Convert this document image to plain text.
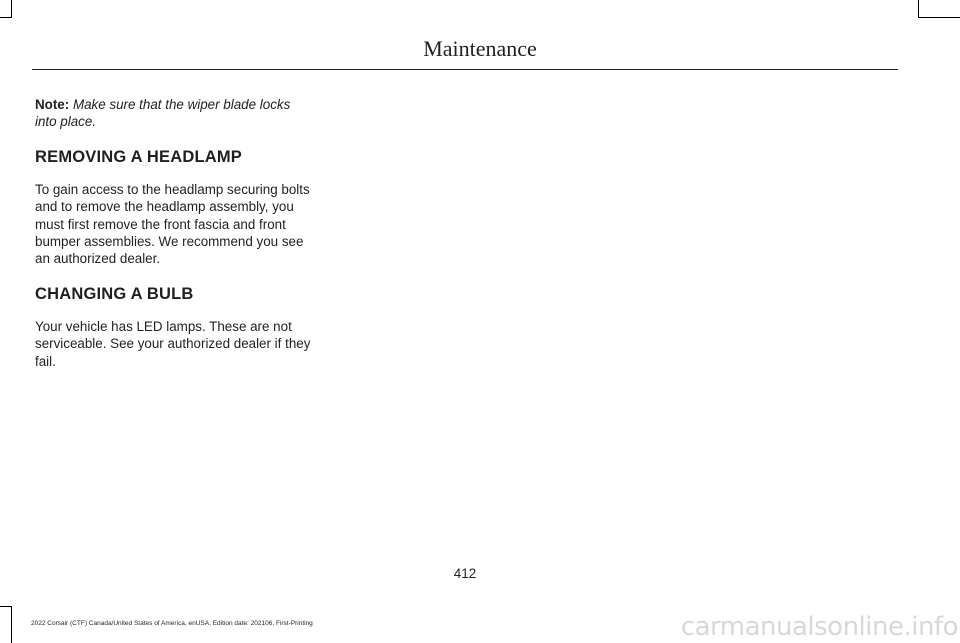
Maintenance

Note: Make sure that the wiper blade locks into place.

REMOVING A HEADLAMP

To gain access to the headlamp securing bolts and to remove the headlamp assembly, you must first remove the front fascia and front bumper assemblies. We recommend you see an authorized dealer.

CHANGING A BULB

Your vehicle has LED lamps. These are not serviceable. See your authorized dealer if they fail.

412
2022 Corsair (CTF) Canada/United States of America, enUSA, Edition date: 202106, First-Printing	carmanualsonline.info
